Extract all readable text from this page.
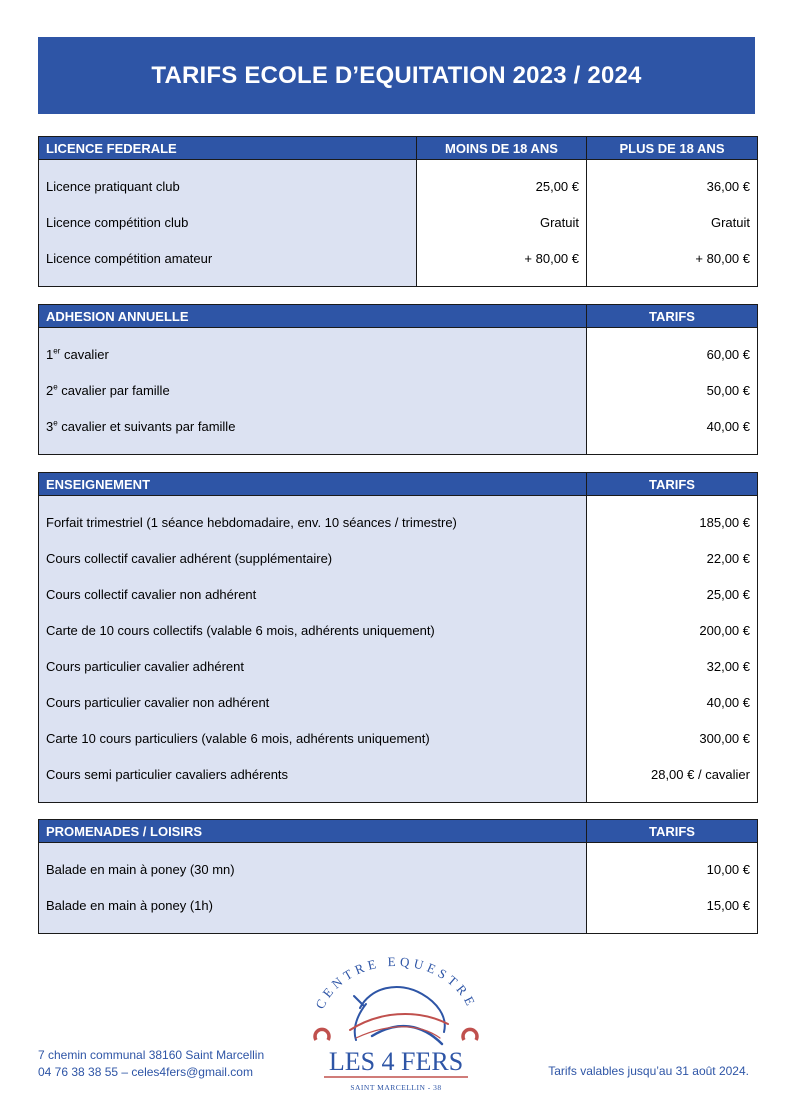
TARIFS ECOLE D’EQUITATION 2023 / 2024
LICENCE FEDERALE	MOINS DE 18 ANS	PLUS DE 18 ANS

Licence pratiquant club	25,00 €	36,00 €
Licence compétition club	Gratuit	Gratuit
Licence compétition amateur	+ 80,00 €	+ 80,00 €

ADHESION ANNUELLE	TARIFS

1er cavalier	60,00 €
2e cavalier par famille	50,00 €
3e cavalier et suivants par famille	40,00 €

ENSEIGNEMENT	TARIFS

Forfait trimestriel (1 séance hebdomadaire, env. 10 séances / trimestre)	185,00 €
Cours collectif cavalier adhérent (supplémentaire)	22,00 €
Cours collectif cavalier non adhérent	25,00 €
Carte de 10 cours collectifs (valable 6 mois, adhérents uniquement)	200,00 €
Cours particulier cavalier adhérent	32,00 €
Cours particulier cavalier non adhérent	40,00 €
Carte 10 cours particuliers (valable 6 mois, adhérents uniquement)	300,00 €
Cours semi particulier cavaliers adhérents	28,00 € / cavalier

PROMENADES / LOISIRS	TARIFS

Balade en main à poney (30 mn)	10,00 €
Balade en main à poney (1h)	15,00 €

7 chemin communal 38160 Saint Marcellin
04 76 38 38 55 – celes4fers@gmail.com
CENTRE EQUESTRE
LES 4 FERS
SAINT MARCELLIN - 38
Tarifs valables jusqu’au 31 août 2024.
